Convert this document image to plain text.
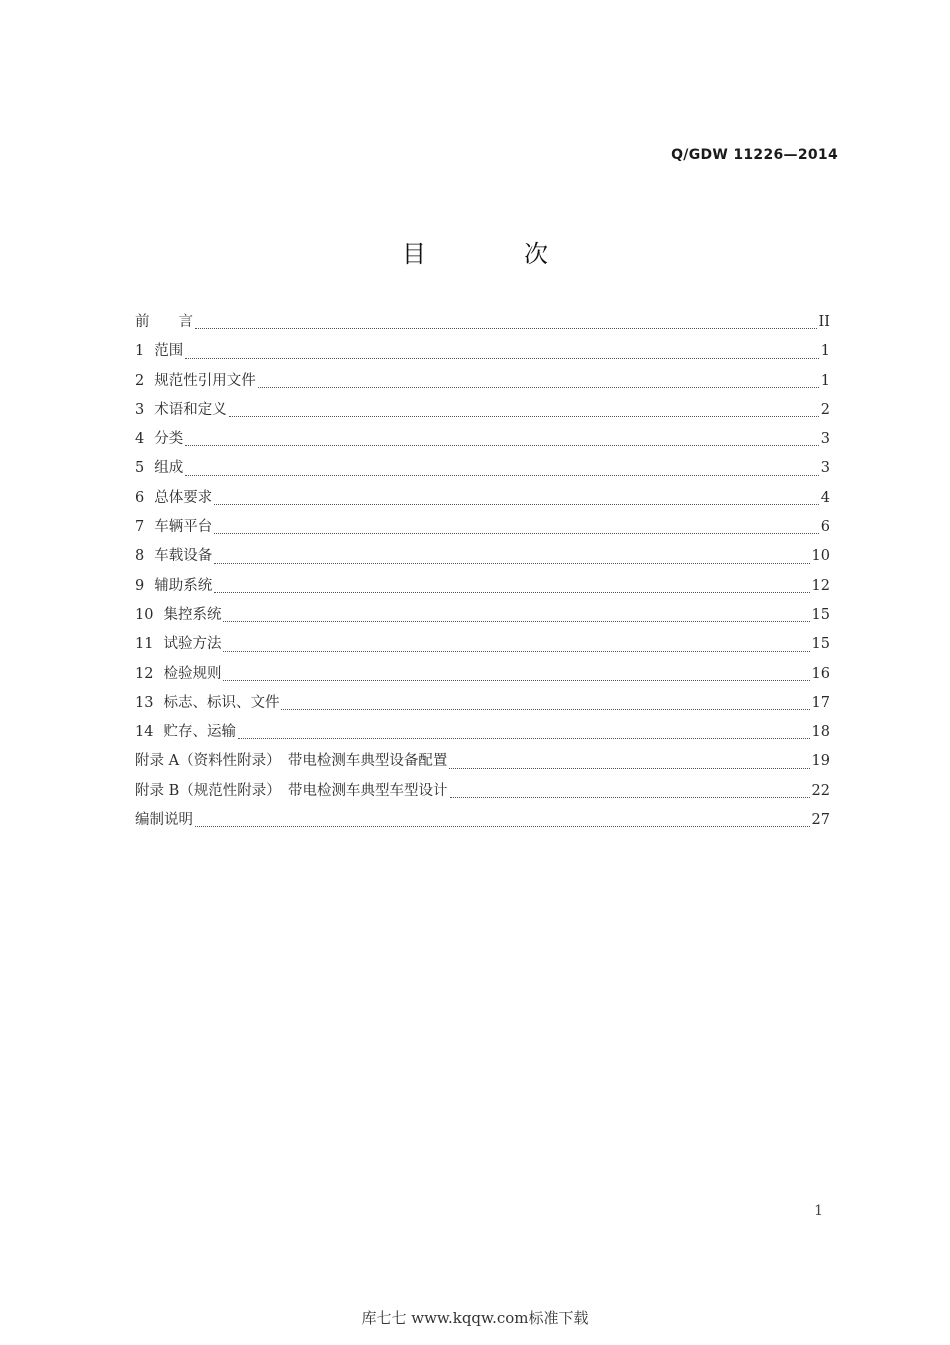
Q/GDW 11226—2014
目	次
前　　言	II
1 范围	1
2 规范性引用文件	1
3 术语和定义	2
4 分类	3
5 组成	3
6 总体要求	4
7 车辆平台	6
8 车载设备	10
9 辅助系统	12
10 集控系统	15
11 试验方法	15
12 检验规则	16
13 标志、标识、文件	17
14 贮存、运输	18
附录 A（资料性附录）　带电检测车典型设备配置	19
附录 B（规范性附录）　带电检测车典型车型设计	22
编制说明	27
1
库七七 www.kqqw.com标准下载
